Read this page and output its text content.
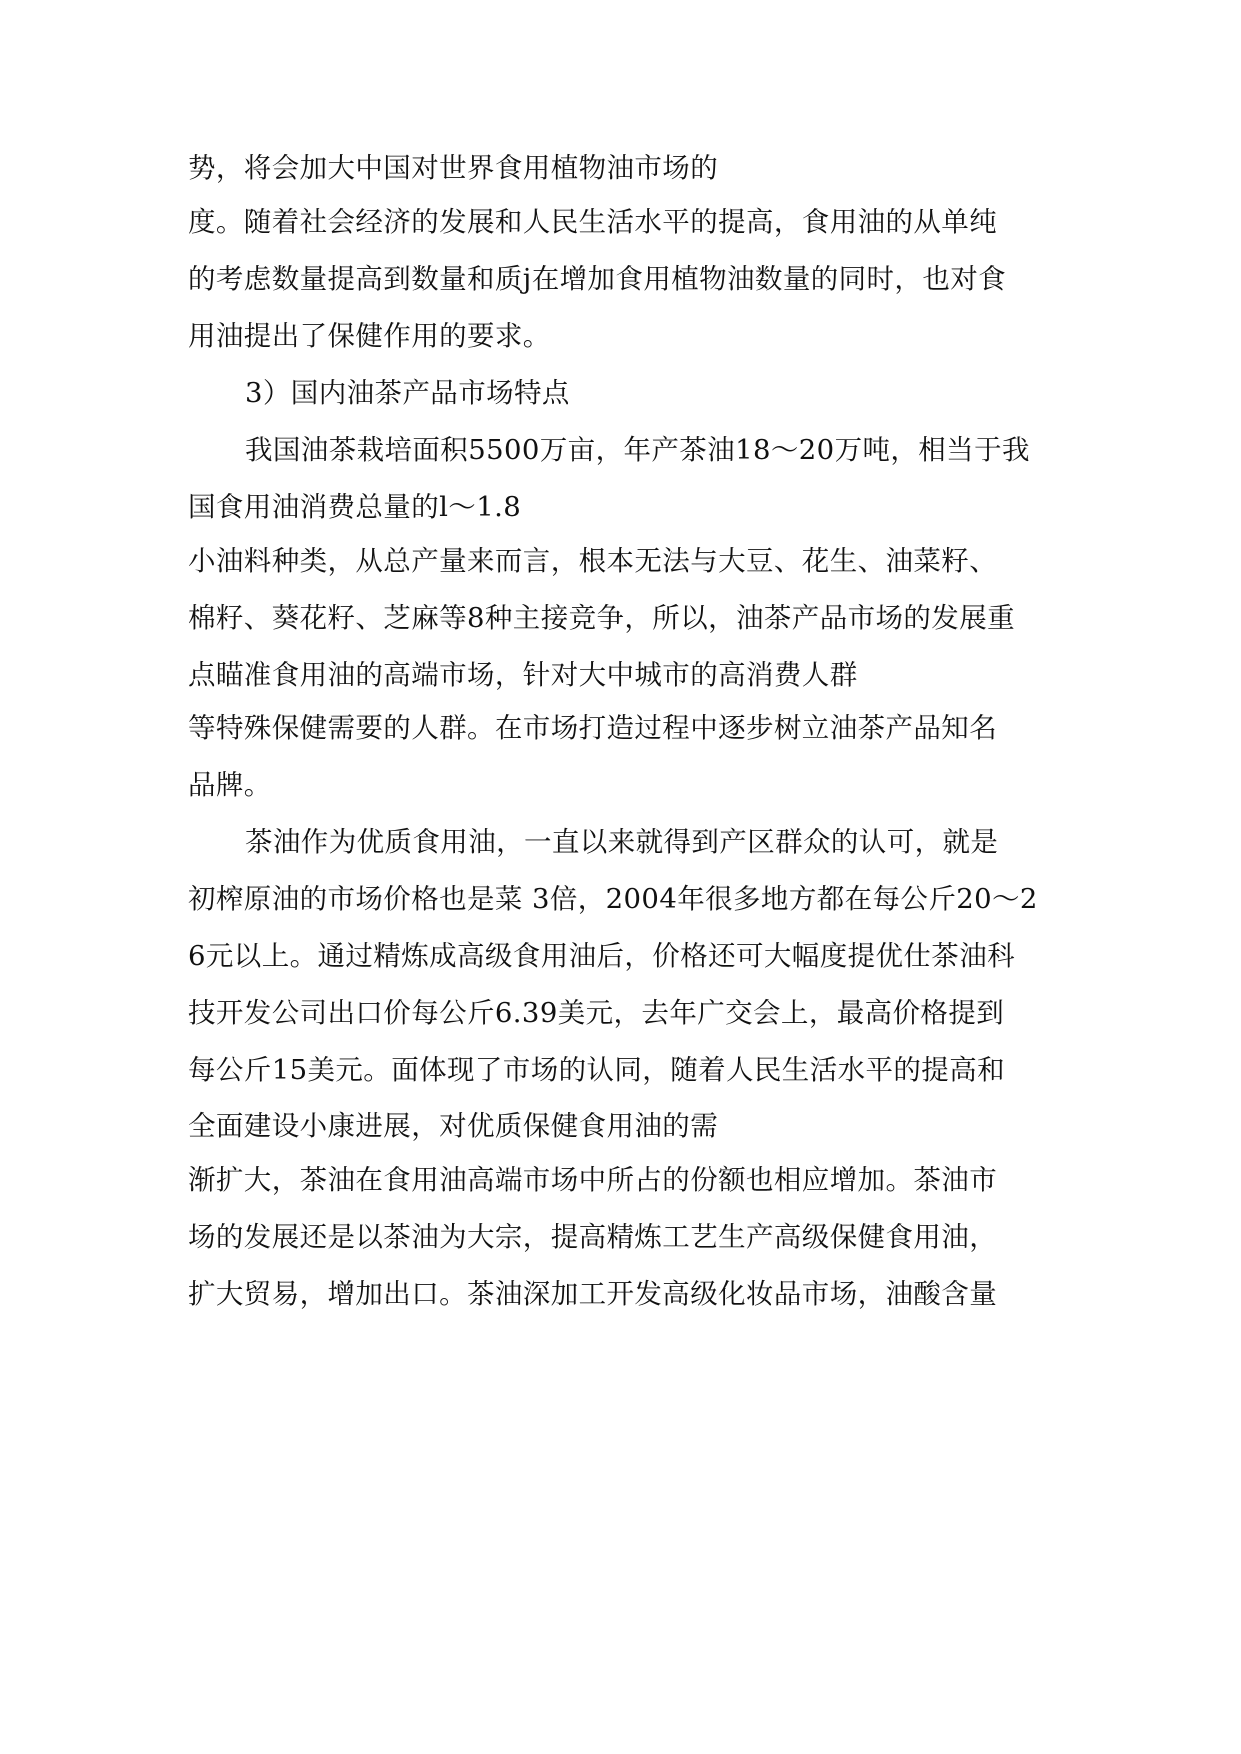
势，将会加大中国对世界食用植物油市场的
度。随着社会经济的发展和人民生活水平的提高，食用油的从单纯
的考虑数量提高到数量和质j在增加食用植物油数量的同时，也对食
用油提出了保健作用的要求。
3）国内油茶产品市场特点
我国油茶栽培面积5500万亩，年产茶油18～20万吨，相当于我
国食用油消费总量的l～1.8
小油料种类，从总产量来而言，根本无法与大豆、花生、油菜籽、
棉籽、葵花籽、芝麻等8种主接竞争，所以，油茶产品市场的发展重
点瞄准食用油的高端市场，针对大中城市的高消费人群
等特殊保健需要的人群。在市场打造过程中逐步树立油茶产品知名
品牌。
茶油作为优质食用油，一直以来就得到产区群众的认可，就是
初榨原油的市场价格也是菜 3倍，2004年很多地方都在每公斤20～2
6元以上。通过精炼成高级食用油后，价格还可大幅度提优仕茶油科
技开发公司出口价每公斤6.39美元，去年广交会上，最高价格提到
每公斤15美元。面体现了市场的认同，随着人民生活水平的提高和
全面建设小康进展，对优质保健食用油的需
渐扩大，茶油在食用油高端市场中所占的份额也相应增加。茶油市
场的发展还是以茶油为大宗，提高精炼工艺生产高级保健食用油，
扩大贸易，增加出口。茶油深加工开发高级化妆品市场，油酸含量
